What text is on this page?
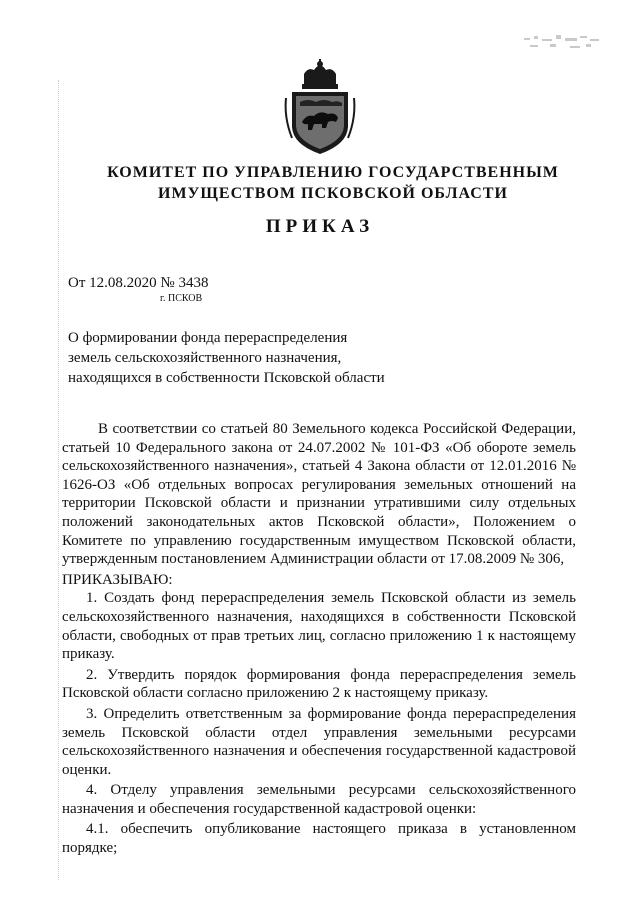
КОМИТЕТ ПО УПРАВЛЕНИЮ ГОСУДАРСТВЕННЫМ
ИМУЩЕСТВОМ ПСКОВСКОЙ ОБЛАСТИ
ПРИКАЗ
От 12.08.2020 № 3438
г. ПСКОВ
О формировании фонда перераспределения
земель сельскохозяйственного назначения,
находящихся в собственности Псковской области

В соответствии со статьей 80 Земельного кодекса Российской Федерации, статьей 10 Федерального закона от 24.07.2002 № 101-ФЗ «Об обороте земель сельскохозяйственного назначения», статьей 4 Закона области от 12.01.2016 № 1626-ОЗ «Об отдельных вопросах регулирования земельных отношений на территории Псковской области и признании утратившими силу отдельных положений законодательных актов Псковской области», Положением о Комитете по управлению государственным имуществом Псковской области, утвержденным постановлением Администрации области от 17.08.2009 № 306,

ПРИКАЗЫВАЮ:

1. Создать фонд перераспределения земель Псковской области из земель сельскохозяйственного назначения, находящихся в собственности Псковской области, свободных от прав третьих лиц, согласно приложению 1 к настоящему приказу.

2. Утвердить порядок формирования фонда перераспределения земель Псковской области согласно приложению 2 к настоящему приказу.

3. Определить ответственным за формирование фонда перераспределения земель Псковской области отдел управления земельными ресурсами сельскохозяйственного назначения и обеспечения государственной кадастровой оценки.

4. Отделу управления земельными ресурсами сельскохозяйственного назначения и обеспечения государственной кадастровой оценки:

4.1. обеспечить опубликование настоящего приказа в установленном порядке;
